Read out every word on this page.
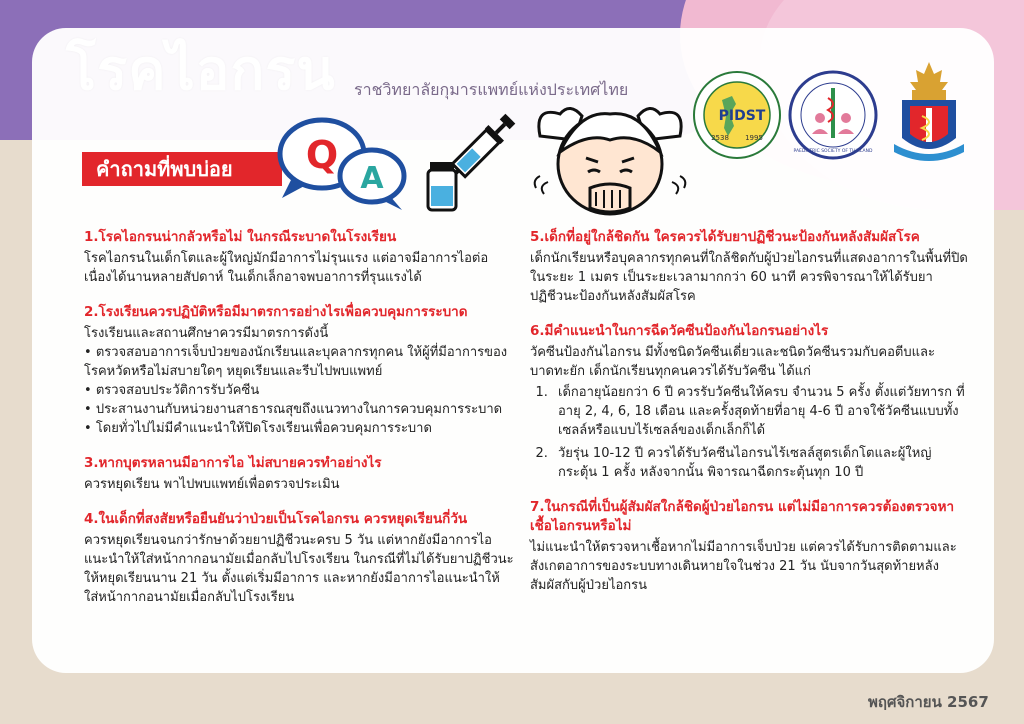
โรคไอกรน ราชวิทยาลัยกุมารแพทย์แห่งประเทศไทย
PIDST
2538 1995
PAEDIATRIC SOCIETY OF THAILAND
คำถามที่พบบ่อย	Q
A

1.โรคไอกรนน่ากลัวหรือไม่ ในกรณีระบาดในโรงเรียน

โรคไอกรนในเด็กโตและผู้ใหญ่มักมีอาการไม่รุนแรง แต่อาจมีอาการไอต่อเนื่องได้นานหลายสัปดาห์ ในเด็กเล็กอาจพบอาการที่รุนแรงได้

2.โรงเรียนควรปฏิบัติหรือมีมาตรการอย่างไรเพื่อควบคุมการระบาด

โรงเรียนและสถานศึกษาควรมีมาตรการดังนี้

• ตรวจสอบอาการเจ็บป่วยของนักเรียนและบุคลากรทุกคน ให้ผู้ที่มีอาการของโรคหวัดหรือไม่สบายใดๆ หยุดเรียนและรีบไปพบแพทย์
• ตรวจสอบประวัติการรับวัคซีน
• ประสานงานกับหน่วยงานสาธารณสุขถึงแนวทางในการควบคุมการระบาด
• โดยทั่วไปไม่มีคำแนะนำให้ปิดโรงเรียนเพื่อควบคุมการระบาด

3.หากบุตรหลานมีอาการไอ ไม่สบายควรทำอย่างไร

ควรหยุดเรียน พาไปพบแพทย์เพื่อตรวจประเมิน

4.ในเด็กที่สงสัยหรือยืนยันว่าป่วยเป็นโรคไอกรน ควรหยุดเรียนกี่วัน

ควรหยุดเรียนจนกว่ารักษาด้วยยาปฏิชีวนะครบ 5 วัน แต่หากยังมีอาการไอแนะนำให้ใส่หน้ากากอนามัยเมื่อกลับไปโรงเรียน ในกรณีที่ไม่ได้รับยาปฏิชีวนะให้หยุดเรียนนาน 21 วัน ตั้งแต่เริ่มมีอาการ และหากยังมีอาการไอแนะนำให้ใส่หน้ากากอนามัยเมื่อกลับไปโรงเรียน

5.เด็กที่อยู่ใกล้ชิดกัน ใครควรได้รับยาปฏิชีวนะป้องกันหลังสัมผัสโรค

เด็กนักเรียนหรือบุคลากรทุกคนที่ใกล้ชิดกับผู้ป่วยไอกรนที่แสดงอาการในพื้นที่ปิด ในระยะ 1 เมตร เป็นระยะเวลามากกว่า 60 นาที ควรพิจารณาให้ได้รับยาปฏิชีวนะป้องกันหลังสัมผัสโรค

6.มีคำแนะนำในการฉีดวัคซีนป้องกันไอกรนอย่างไร

วัคซีนป้องกันไอกรน มีทั้งชนิดวัคซีนเดี่ยวและชนิดวัคซีนรวมกับคอตีบและบาดทะยัก เด็กนักเรียนทุกคนควรได้รับวัคซีน ได้แก่

1. เด็กอายุน้อยกว่า 6 ปี ควรรับวัคซีนให้ครบ จำนวน 5 ครั้ง ตั้งแต่วัยทารก ที่อายุ 2, 4, 6, 18 เดือน และครั้งสุดท้ายที่อายุ 4-6 ปี อาจใช้วัคซีนแบบทั้งเซลล์หรือแบบไร้เซลล์ของเด็กเล็กก็ได้
2. วัยรุ่น 10-12 ปี ควรได้รับวัคซีนไอกรนไร้เซลล์สูตรเด็กโตและผู้ใหญ่กระตุ้น 1 ครั้ง หลังจากนั้น พิจารณาฉีดกระตุ้นทุก 10 ปี

7.ในกรณีที่เป็นผู้สัมผัสใกล้ชิดผู้ป่วยไอกรน แต่ไม่มีอาการควรต้องตรวจหาเชื้อไอกรนหรือไม่

ไม่แนะนำให้ตรวจหาเชื้อหากไม่มีอาการเจ็บป่วย แต่ควรได้รับการติดตามและสังเกตอาการของระบบทางเดินหายใจในช่วง 21 วัน นับจากวันสุดท้ายหลังสัมผัสกับผู้ป่วยไอกรน

พฤศจิกายน 2567
